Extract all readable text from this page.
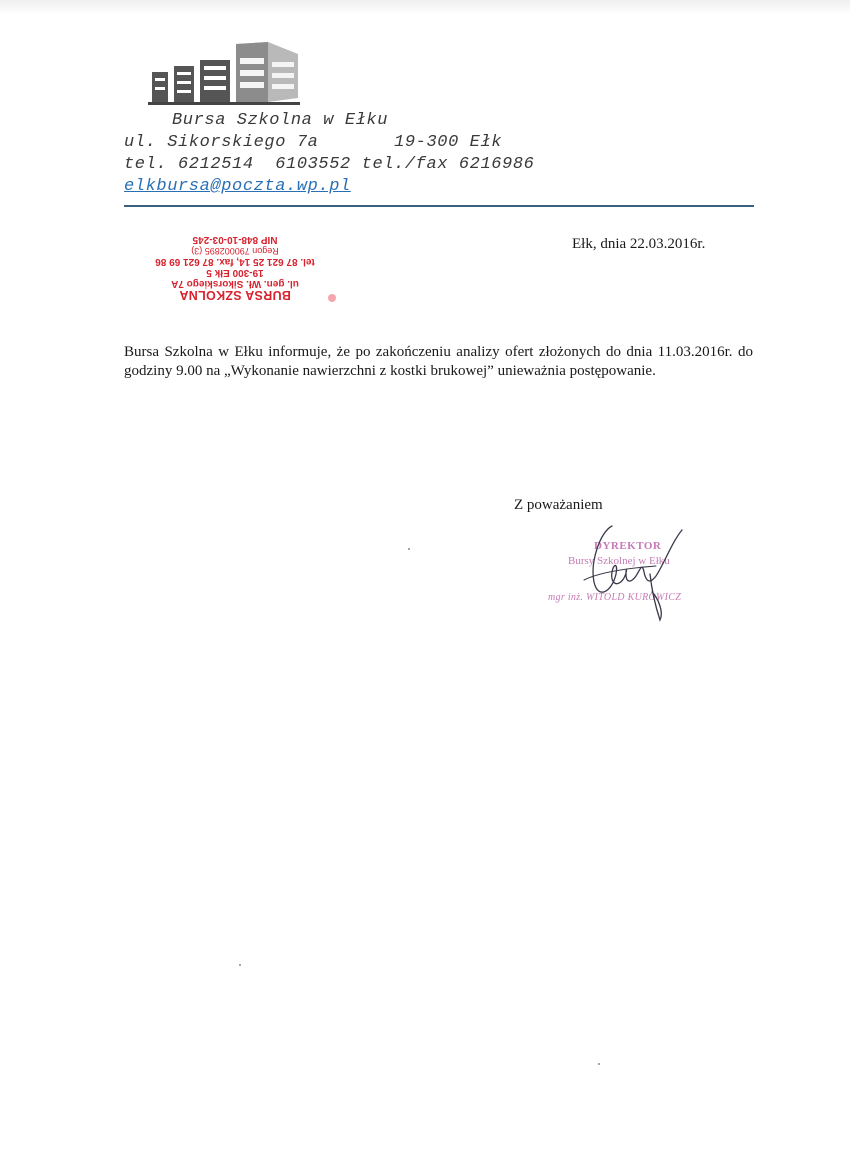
Bursa Szkolna w Ełku
ul. Sikorskiego 7a	19-300 Ełk
tel. 6212514  6103552 tel./fax 6216986
elkbursa@poczta.wp.pl
BURSA SZKOLNA
ul. gen. Wł. Sikorskiego 7A
19-300 Ełk 5
tel. 87 621 25 14, fax. 87 621 69 86
Regon 790002895 (3)
NIP 848-10-03-245	Ełk, dnia 22.03.2016r.
Bursa Szkolna w Ełku informuje, że po zakończeniu analizy ofert złożonych do dnia 11.03.2016r. do godziny 9.00 na „Wykonanie nawierzchni z kostki brukowej” unieważnia postępowanie.
Z poważaniem
DYREKTOR
Bursy Szkolnej w Ełku
mgr inż. WITOLD KUROWICZ
